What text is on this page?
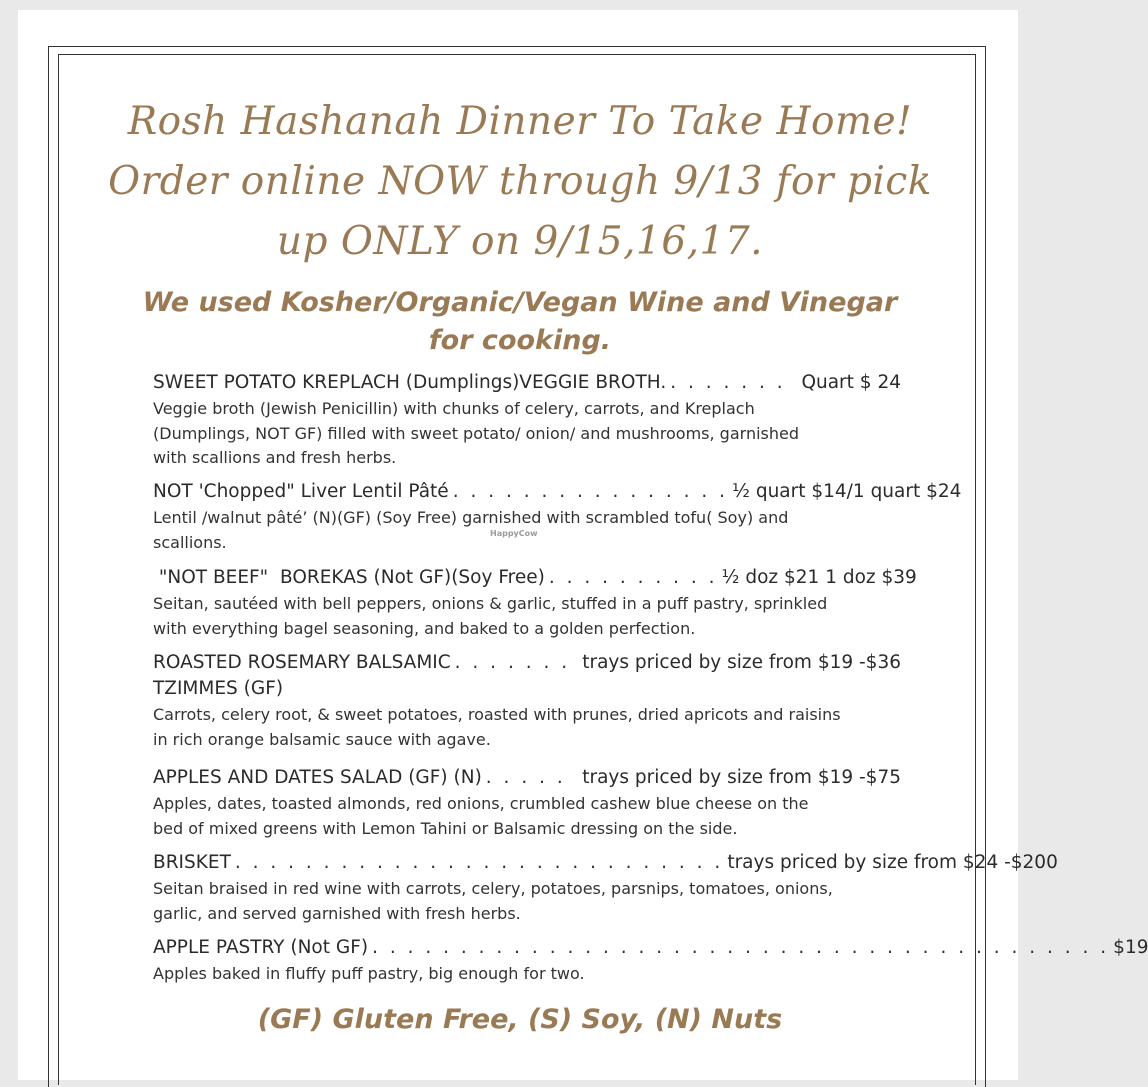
Rosh Hashanah Dinner To Take Home!
Order online NOW through 9/13 for pick
up ONLY on 9/15,16,17.
We used Kosher/Organic/Vegan Wine and Vinegar
for cooking.
SWEET POTATO KREPLACH (Dumplings)VEGGIE BROTH. . . . . . . . Quart $ 24
Veggie broth (Jewish Penicillin) with chunks of celery, carrots, and Kreplach
(Dumplings, NOT GF) filled with sweet potato/ onion/ and mushrooms, garnished
with scallions and fresh herbs.
NOT 'Chopped" Liver Lentil Pâté . . . . . . . . . . . . . . . . ½ quart $14/1 quart $24
Lentil /walnut pâté’ (N)(GF) (Soy Free) garnished with scrambled tofu( Soy) and
scallions.	HappyCow
"NOT BEEF"  BOREKAS (Not GF)(Soy Free) . . . . . . . . . . ½ doz $21 1 doz $39
Seitan, sautéed with bell peppers, onions & garlic, stuffed in a puff pastry, sprinkled
with everything bagel seasoning, and baked to a golden perfection.
ROASTED ROSEMARY BALSAMIC . . . . . . . trays priced by size from $19 -$36
TZIMMES (GF)
Carrots, celery root, & sweet potatoes, roasted with prunes, dried apricots and raisins
in rich orange balsamic sauce with agave.
APPLES AND DATES SALAD (GF) (N) . . . . . trays priced by size from $19 -$75
Apples, dates, toasted almonds, red onions, crumbled cashew blue cheese on the
bed of mixed greens with Lemon Tahini or Balsamic dressing on the side.
BRISKET . . . . . . . . . . . . . . . . . . . . . . . . . . . . trays priced by size from $24 -$200
Seitan braised in red wine with carrots, celery, potatoes, parsnips, tomatoes, onions,
garlic, and served garnished with fresh herbs.
APPLE PASTRY (Not GF) . . . . . . . . . . . . . . . . . . . . . . . . . . . . . . . . . . . . . . . . . . $19
Apples baked in fluffy puff pastry, big enough for two.
(GF) Gluten Free, (S) Soy, (N) Nuts
